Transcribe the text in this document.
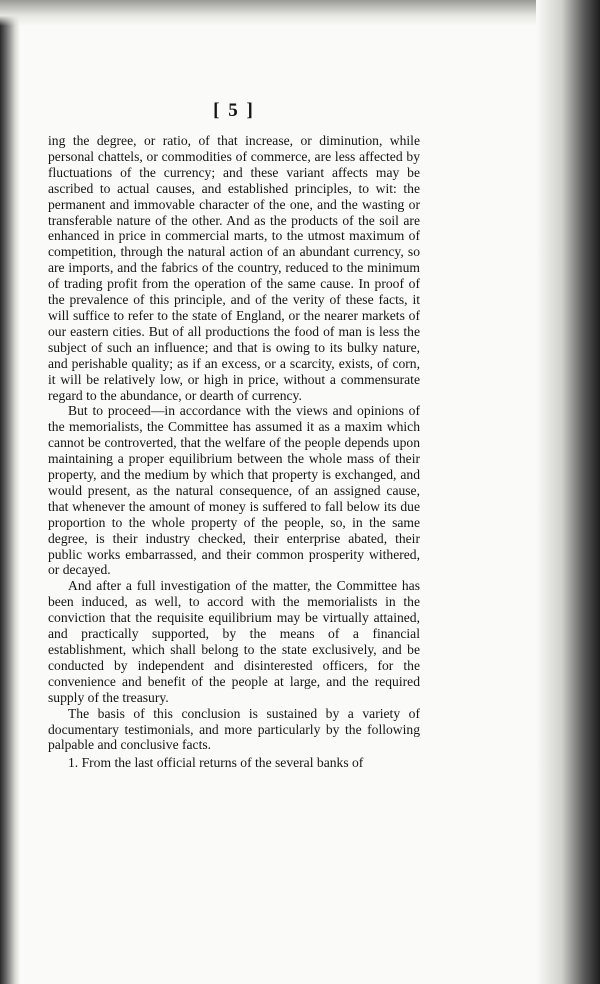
[ 5 ]

ing the degree, or ratio, of that increase, or diminution, while personal chattels, or commodities of commerce, are less affected by fluctuations of the currency; and these variant affects may be ascribed to actual causes, and established principles, to wit: the permanent and immovable character of the one, and the wasting or transferable nature of the other. And as the products of the soil are enhanced in price in commercial marts, to the utmost maximum of competition, through the natural action of an abundant currency, so are imports, and the fabrics of the country, reduced to the minimum of trading profit from the operation of the same cause. In proof of the prevalence of this principle, and of the verity of these facts, it will suffice to refer to the state of England, or the nearer markets of our eastern cities. But of all productions the food of man is less the subject of such an influence; and that is owing to its bulky nature, and perishable quality; as if an excess, or a scarcity, exists, of corn, it will be relatively low, or high in price, without a commensurate regard to the abundance, or dearth of currency.

But to proceed—in accordance with the views and opinions of the memorialists, the Committee has assumed it as a maxim which cannot be controverted, that the welfare of the people depends upon maintaining a proper equilibrium between the whole mass of their property, and the medium by which that property is exchanged, and would present, as the natural consequence, of an assigned cause, that whenever the amount of money is suffered to fall below its due proportion to the whole property of the people, so, in the same degree, is their industry checked, their enterprise abated, their public works embarrassed, and their common prosperity withered, or decayed.

And after a full investigation of the matter, the Committee has been induced, as well, to accord with the memorialists in the conviction that the requisite equilibrium may be virtually attained, and practically supported, by the means of a financial establishment, which shall belong to the state exclusively, and be conducted by independent and disinterested officers, for the convenience and benefit of the people at large, and the required supply of the treasury.

The basis of this conclusion is sustained by a variety of documentary testimonials, and more particularly by the following palpable and conclusive facts.

1. From the last official returns of the several banks of
